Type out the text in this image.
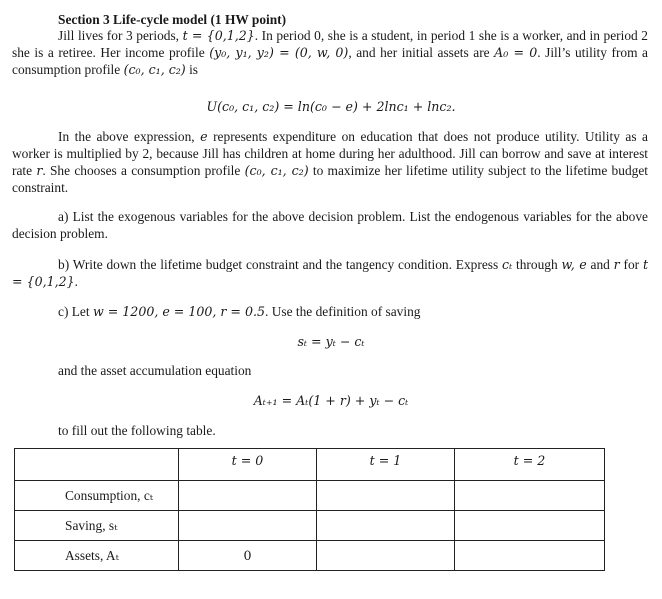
Section 3 Life-cycle model (1 HW point)
Jill lives for 3 periods, t = {0,1,2}. In period 0, she is a student, in period 1 she is a worker, and in period 2 she is a retiree. Her income profile (y₀, y₁, y₂) = (0, w, 0), and her initial assets are A₀ = 0. Jill’s utility from a consumption profile (c₀, c₁, c₂) is
U(c₀, c₁, c₂) = ln(c₀ − e) + 2lnc₁ + lnc₂.
In the above expression, e represents expenditure on education that does not produce utility. Utility as a worker is multiplied by 2, because Jill has children at home during her adulthood. Jill can borrow and save at interest rate r. She chooses a consumption profile (c₀, c₁, c₂) to maximize her lifetime utility subject to the lifetime budget constraint.
a) List the exogenous variables for the above decision problem. List the endogenous variables for the above decision problem.
b) Write down the lifetime budget constraint and the tangency condition. Express cₜ through w, e and r for t = {0,1,2}.
c) Let w = 1200, e = 100, r = 0.5. Use the definition of saving
sₜ = yₜ − cₜ
and the asset accumulation equation
Aₜ₊₁ = Aₜ(1 + r) + yₜ − cₜ
to fill out the following table.
	t = 0	t = 1	t = 2
Consumption, cₜ			
Saving, sₜ			
Assets, Aₜ	0		
